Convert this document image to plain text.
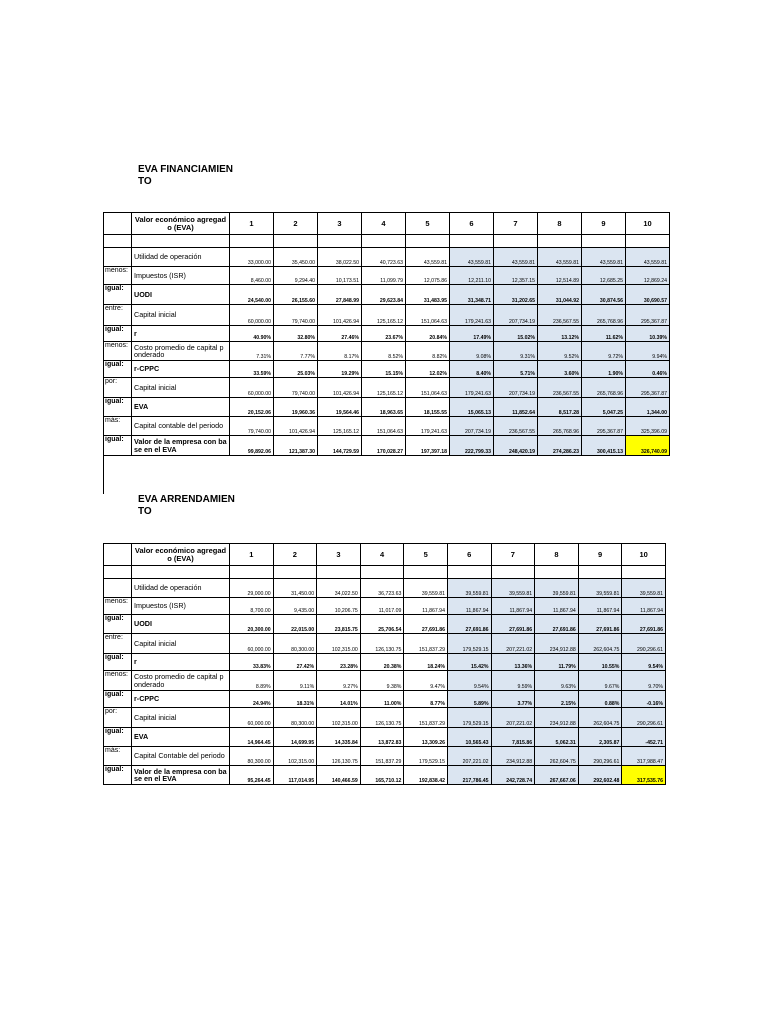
EVA FINANCIAMIENTO
	Valor económico agregado (EVA)	1	2	3	4	5	6	7	8	9	10

	Utilidad de operación	33,000.00	35,450.00	38,022.50	40,723.63	43,559.81	43,559.81	43,559.81	43,559.81	43,559.81	43,559.81
menos:	Impuestos (ISR)	8,460.00	9,294.40	10,173.51	11,099.79	12,075.86	12,211.10	12,357.15	12,514.89	12,685.25	12,869.24
igual:	UODI	24,540.00	26,155.60	27,848.99	29,623.84	31,483.95	31,348.71	31,202.65	31,044.92	30,874.56	30,690.57
entre:	Capital inicial	60,000.00	79,740.00	101,426.94	125,165.12	151,064.63	179,241.63	207,734.19	236,567.55	265,768.96	295,367.87
igual:	r	40.90%	32.80%	27.46%	23.67%	20.84%	17.49%	15.02%	13.12%	11.62%	10.39%
menos:	Costo promedio de capital ponderado	7.31%	7.77%	8.17%	8.52%	8.82%	9.08%	9.31%	9.52%	9.72%	9.94%
igual:	r-CPPC	33.59%	25.03%	19.29%	15.15%	12.02%	8.40%	5.71%	3.60%	1.90%	0.46%
por:	Capital inicial	60,000.00	79,740.00	101,426.94	125,165.12	151,064.63	179,241.63	207,734.19	236,567.55	265,768.96	295,367.87
igual:	EVA	20,152.06	19,960.36	19,564.46	18,963.65	18,155.55	15,065.13	11,852.64	8,517.28	5,047.25	1,344.00
más:	Capital contable del periodo	79,740.00	101,426.94	125,165.12	151,064.63	179,241.63	207,734.19	236,567.55	265,768.96	295,367.87	325,396.09
igual:	Valor de la empresa con base en el EVA	99,892.06	121,387.30	144,729.59	170,028.27	197,397.18	222,799.33	248,420.19	274,286.23	300,415.13	326,740.09
EVA ARRENDAMIENTO
	Valor económico agregado (EVA)	1	2	3	4	5	6	7	8	9	10

	Utilidad de operación	29,000.00	31,450.00	34,022.50	36,723.63	39,559.81	39,559.81	39,559.81	39,559.81	39,559.81	39,559.81
menos:	Impuestos (ISR)	8,700.00	9,435.00	10,206.75	11,017.09	11,867.94	11,867.94	11,867.94	11,867.94	11,867.94	11,867.94
igual:	UODI	20,300.00	22,015.00	23,815.75	25,706.54	27,691.86	27,691.86	27,691.86	27,691.86	27,691.86	27,691.86
entre:	Capital inicial	60,000.00	80,300.00	102,315.00	126,130.75	151,837.29	179,529.15	207,221.02	234,912.88	262,604.75	290,296.61
igual:	r	33.83%	27.42%	23.28%	20.38%	18.24%	15.42%	13.36%	11.79%	10.55%	9.54%
menos:	Costo promedio de capital ponderado	8.89%	9.11%	9.27%	9.38%	9.47%	9.54%	9.59%	9.63%	9.67%	9.70%
igual:	r-CPPC	24.94%	18.31%	14.01%	11.00%	8.77%	5.89%	3.77%	2.15%	0.88%	-0.16%
por:	Capital inicial	60,000.00	80,300.00	102,315.00	126,130.75	151,837.29	179,529.15	207,221.02	234,912.88	262,604.75	290,296.61
igual:	EVA	14,964.45	14,699.95	14,335.84	13,872.83	13,309.26	10,565.43	7,815.86	5,062.31	2,305.87	-452.71
más:	Capital Contable del periodo	80,300.00	102,315.00	126,130.75	151,837.29	179,529.15	207,221.02	234,912.88	262,604.75	290,296.61	317,988.47
igual:	Valor de la empresa con base en el EVA	95,264.45	117,014.95	140,466.59	165,710.12	192,838.42	217,786.45	242,728.74	267,667.06	292,602.48	317,535.76
